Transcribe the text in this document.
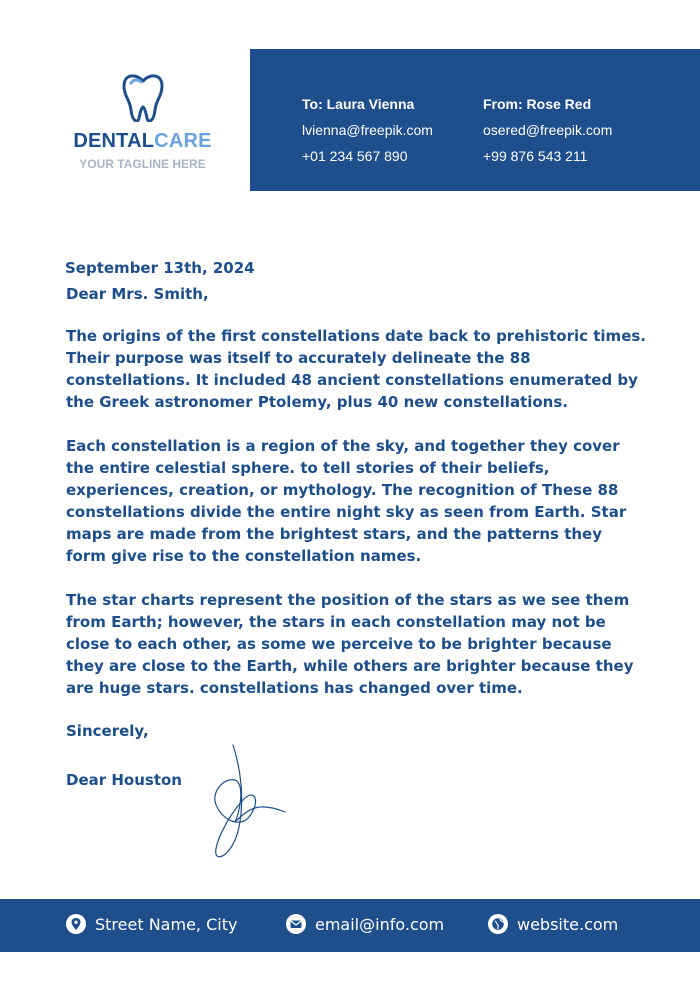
DENTALCARE
YOUR TAGLINE HERE
To: Laura Vienna
lvienna@freepik.com
+01 234 567 890
From: Rose Red
osered@freepik.com
+99 876 543 211
September 13th, 2024
Dear Mrs. Smith,
The origins of the first constellations date back to prehistoric times. Their purpose was itself to accurately delineate the 88 constellations. It included 48 ancient constellations enumerated by the Greek astronomer Ptolemy, plus 40 new constellations.
Each constellation is a region of the sky, and together they cover the entire celestial sphere. to tell stories of their beliefs, experiences, creation, or mythology. The recognition of These 88 constellations divide the entire night sky as seen from Earth. Star maps are made from the brightest stars, and the patterns they form give rise to the constellation names.
The star charts represent the position of the stars as we see them from Earth; however, the stars in each constellation may not be close to each other, as some we perceive to be brighter because they are close to the Earth, while others are brighter because they are huge stars. constellations has changed over time.
Sincerely,
Dear Houston
Street Name, City	email@info.com	website.com
